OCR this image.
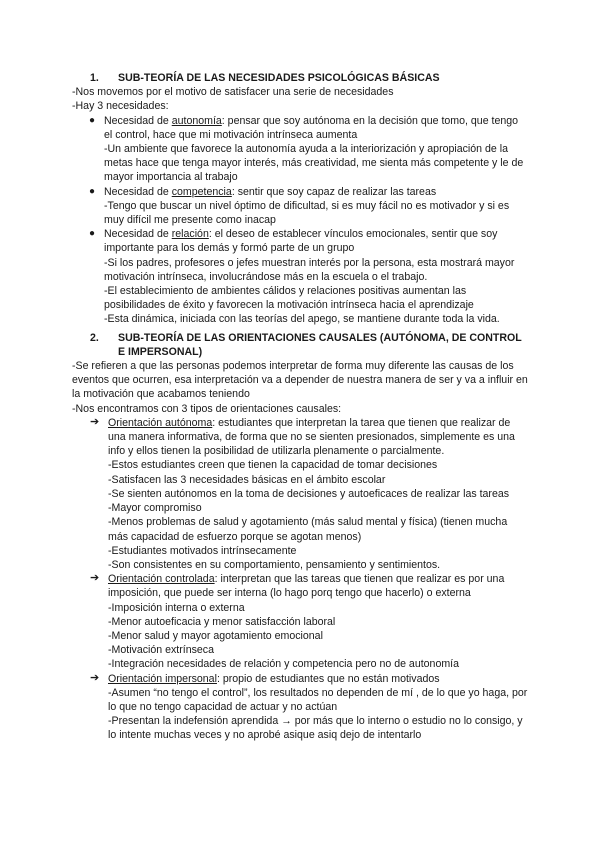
1. SUB-TEORÍA DE LAS NECESIDADES PSICOLÓGICAS BÁSICAS

-Nos movemos por el motivo de satisfacer una serie de necesidades

-Hay 3 necesidades:

● Necesidad de autonomía: pensar que soy autónoma en la decisión que tomo, que tengo el control, hace que mi motivación intrínseca aumenta

-Un ambiente que favorece la autonomía ayuda a la interiorización y apropiación de la metas hace que tenga mayor interés, más creatividad, me sienta más competente y le de mayor importancia al trabajo

● Necesidad de competencia: sentir que soy capaz de realizar las tareas

-Tengo que buscar un nivel óptimo de dificultad, si es muy fácil no es motivador y si es muy difícil me presente como inacap

● Necesidad de relación: el deseo de establecer vínculos emocionales, sentir que soy importante para los demás y formó parte de un grupo

-Si los padres, profesores o jefes muestran interés por la persona, esta mostrará mayor motivación intrínseca, involucrándose más en la escuela o el trabajo.

-El establecimiento de ambientes cálidos y relaciones positivas aumentan las posibilidades de éxito y favorecen la motivación intrínseca hacia el aprendizaje

-Esta dinámica, iniciada con las teorías del apego, se mantiene durante toda la vida.

2. SUB-TEORÍA DE LAS ORIENTACIONES CAUSALES (AUTÓNOMA, DE CONTROL E IMPERSONAL)

-Se refieren a que las personas podemos interpretar de forma muy diferente las causas de los eventos que ocurren, esa interpretación va a depender de nuestra manera de ser y va a influir en la motivación que acabamos teniendo

-Nos encontramos con 3 tipos de orientaciones causales:

➔ Orientación autónoma: estudiantes que interpretan la tarea que tienen que realizar de una manera informativa, de forma que no se sienten presionados, simplemente es una info y ellos tienen la posibilidad de utilizarla plenamente o parcialmente.

-Estos estudiantes creen que tienen la capacidad de tomar decisiones

-Satisfacen las 3 necesidades básicas en el ámbito escolar

-Se sienten autónomos en la toma de decisiones y autoeficaces de realizar las tareas

-Mayor compromiso

-Menos problemas de salud y agotamiento (más salud mental y física) (tienen mucha más capacidad de esfuerzo porque se agotan menos)

-Estudiantes motivados intrínsecamente

-Son consistentes en su comportamiento, pensamiento y sentimientos.

➔ Orientación controlada: interpretan que las tareas que tienen que realizar es por una imposición, que puede ser interna (lo hago porq tengo que hacerlo) o externa

-Imposición interna o externa

-Menor autoeficacia y menor satisfacción laboral

-Menor salud y mayor agotamiento emocional

-Motivación extrínseca

-Integración necesidades de relación y competencia pero no de autonomía

➔ Orientación impersonal: propio de estudiantes que no están motivados

-Asumen “no tengo el control”, los resultados no dependen de mí , de lo que yo haga, por lo que no tengo capacidad de actuar y no actúan

-Presentan la indefensión aprendida → por más que lo interno o estudio no lo consigo, y lo intente muchas veces y no aprobé asique asiq dejo de intentarlo
